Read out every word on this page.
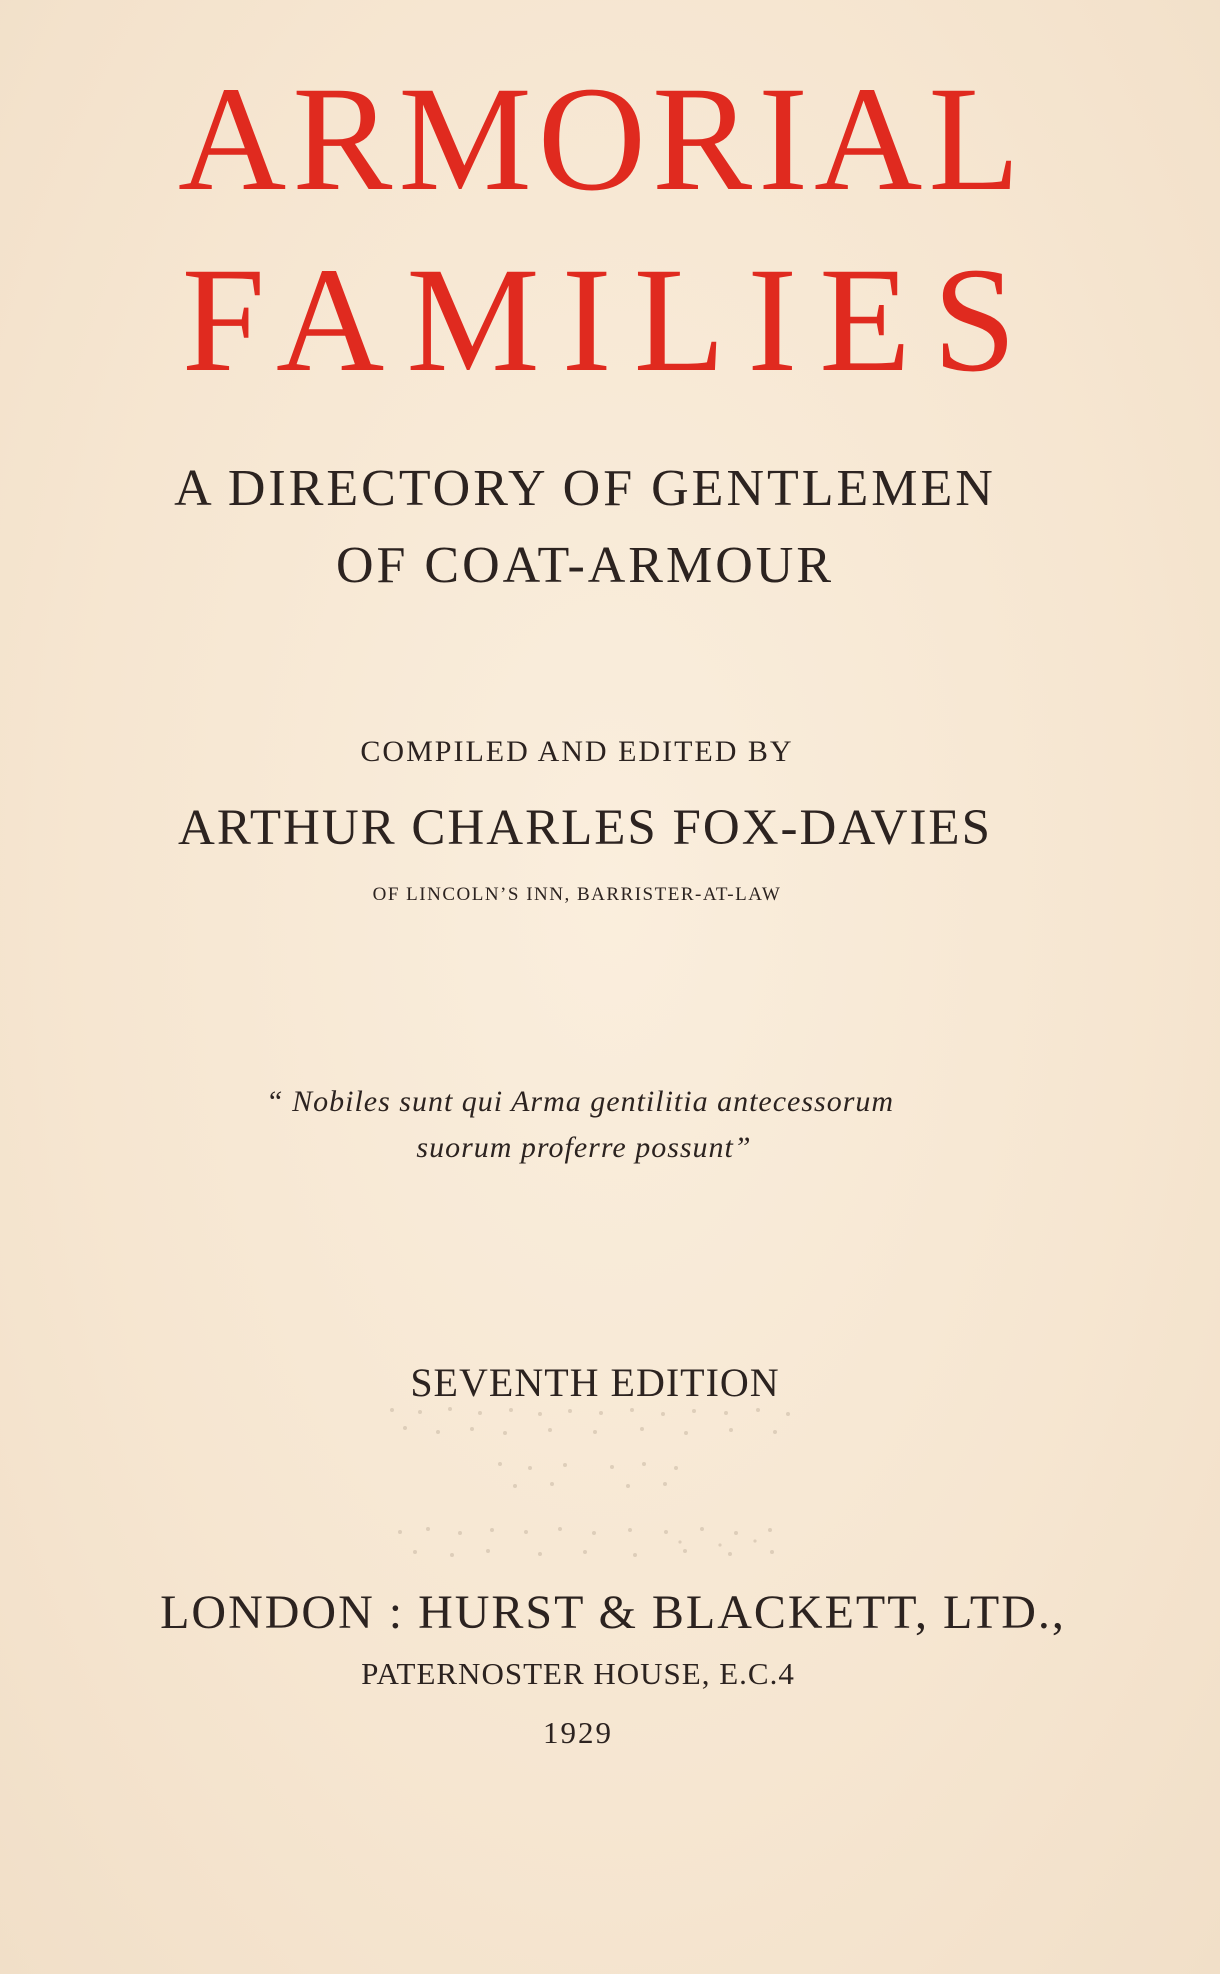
ARMORIAL
FAMILIES

A DIRECTORY OF GENTLEMEN

OF COAT-ARMOUR

COMPILED AND EDITED BY

ARTHUR CHARLES FOX-DAVIES

OF LINCOLN’S INN, BARRISTER-AT-LAW

“ Nobiles sunt qui Arma gentilitia antecessorum

suorum proferre possunt”

SEVENTH EDITION

LONDON : HURST & BLACKETT, LTD.,

PATERNOSTER HOUSE, E.C.4

1929
